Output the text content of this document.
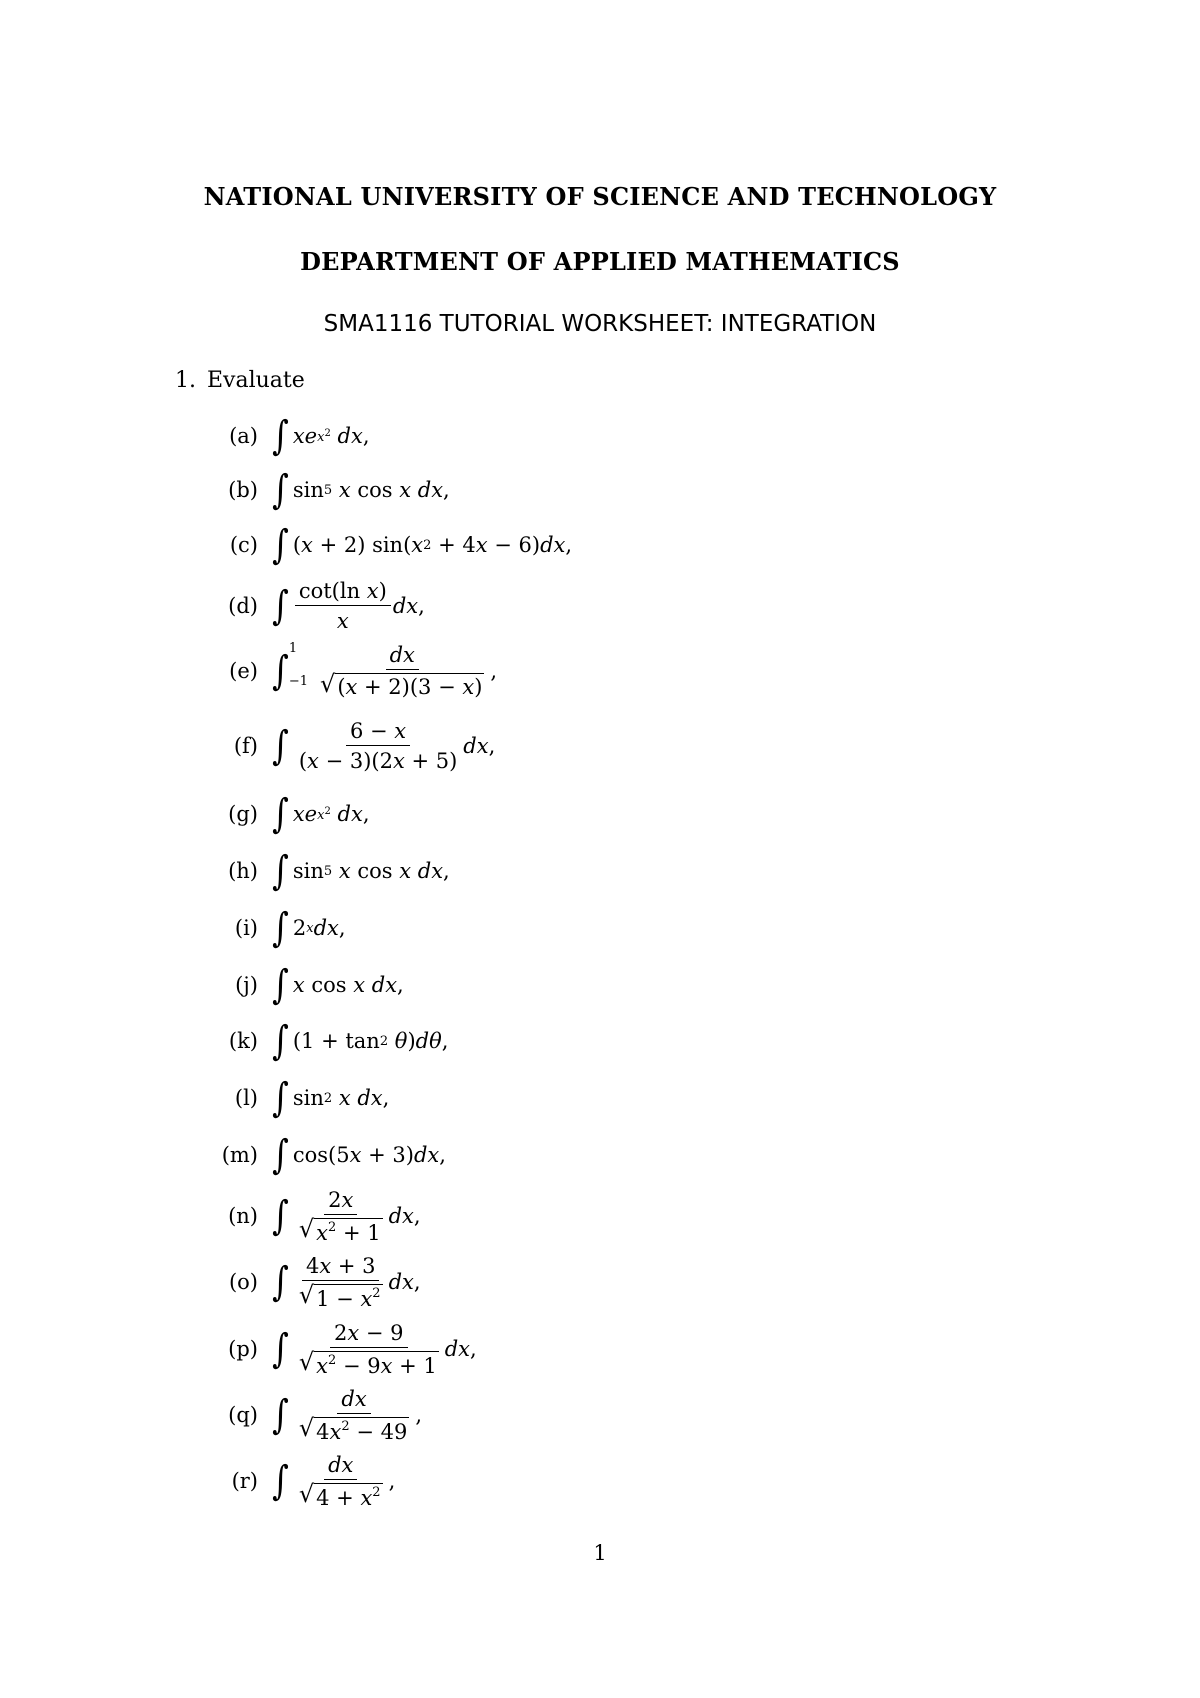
NATIONAL UNIVERSITY OF SCIENCE AND TECHNOLOGY
DEPARTMENT OF APPLIED MATHEMATICS
SMA1116 TUTORIAL WORKSHEET: INTEGRATION
1. Evaluate
(a) ∫ xe $x^2$ dx ,
(b) ∫ sin 5
x cos x dx ,
(c) ∫ ( x + 2) sin( x 2 + 4 x − 6) dx ,
(d) ∫ $\frac{\text{cot(ln x)}}{x}$ dx ,
(e) ∫ 1
$-1 \frac{dx}{√ (x + 2)(3 - x)}$ ,
(f) ∫ $\frac{6 - x}{(x - 3)(2x + 5)}$ dx ,
(g) ∫ xe $x^2$ dx ,
(h) ∫ sin 5
x cos x dx ,
(i) ∫ 2 x dx ,
(j) ∫ x cos x dx ,
(k) ∫ (1 + tan 2
θ ) dθ ,
(l) ∫ sin 2
x dx ,
(m) ∫ cos(5 x + 3) dx ,
(n) ∫ $\frac{2x}{√ x^2 + 1}$ dx ,
(o) ∫ $\frac{4x + 3}{√ 1 - x^2}$ dx ,
(p) ∫ $\frac{2x - 9}{√ x^2 - 9x + 1}$ dx ,
(q) ∫ $\frac{dx}{√ 4x^2 - 49}$ ,
(r) ∫ $\frac{dx}{√ 4 + x^2}$ ,
1
